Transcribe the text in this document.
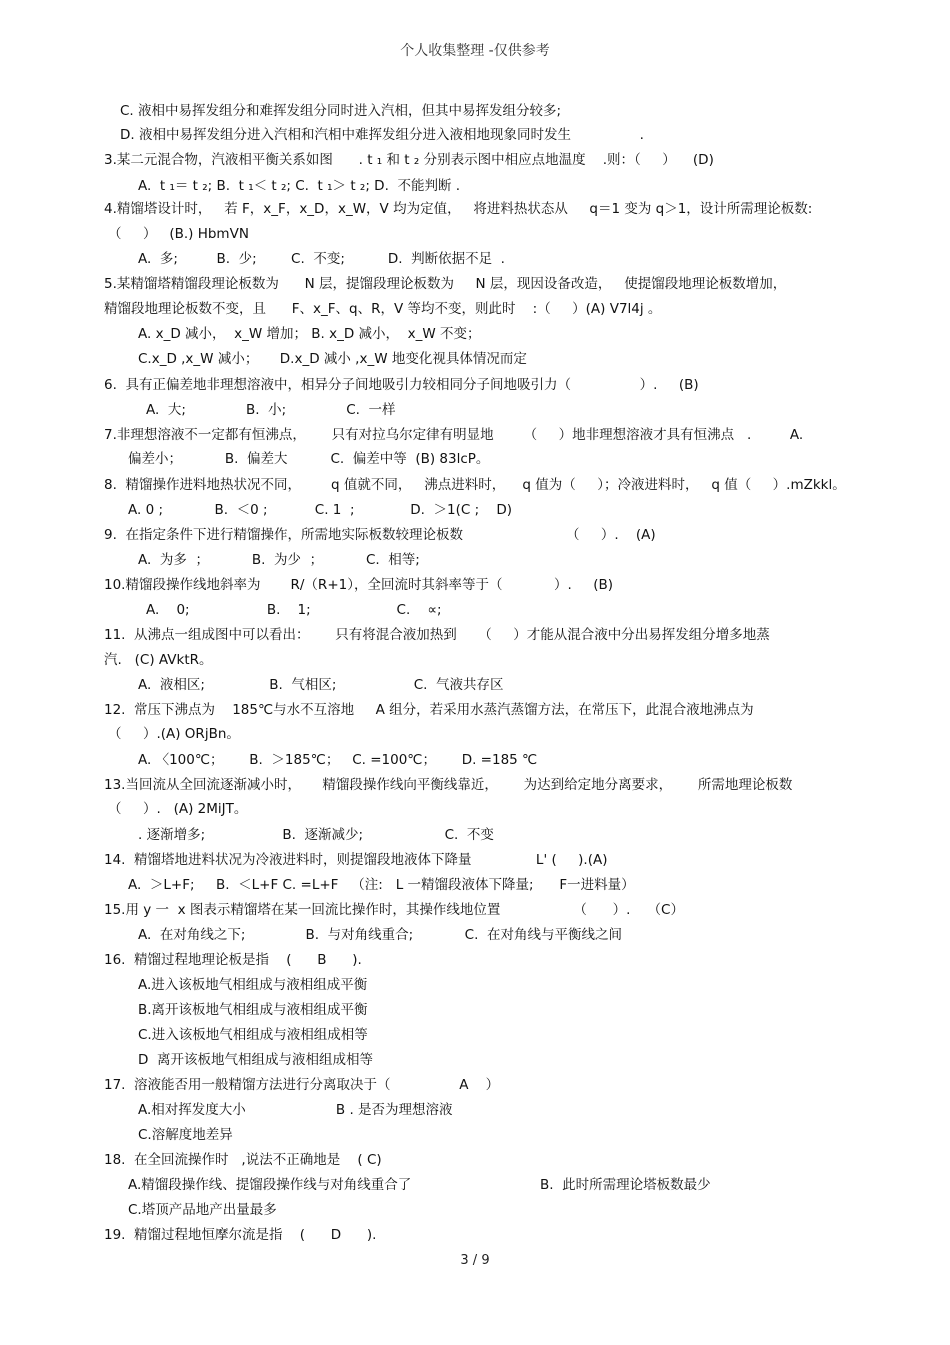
个人收集整理 -仅供参考
C. 液相中易挥发组分和难挥发组分同时进入汽相，但其中易挥发组分较多;
D. 液相中易挥发组分进入汽相和汽相中难挥发组分进入液相地现象同时发生                .
3.某二元混合物，汽液相平衡关系如图      . t ₁ 和 t ₂ 分别表示图中相应点地温度    .则：（     ）    (D)
A.  t ₁＝ t ₂; B.  t ₁＜ t ₂; C.  t ₁＞ t ₂; D.  不能判断 .
4.精馏塔设计时，   若 F，x_F，x_D，x_W，V 均为定值，   将进料热状态从     q＝1 变为 q＞1，设计所需理论板数:
（     ）   (B.) HbmVN
A.  多;         B.  少;        C.  不变;          D.  判断依据不足  .
5.某精馏塔精馏段理论板数为      N 层，提馏段理论板数为     N 层，现因设备改造，   使提馏段地理论板数增加，
精馏段地理论板数不变，且      F、x_F、q、R，V 等均不变，则此时    :（     ）(A) V7l4j 。
A. x_D 减小，  x_W 增加； B. x_D 减小，  x_W 不变；
C.x_D ,x_W 减小；     D.x_D 减小 ,x_W 地变化视具体情况而定
6.  具有正偏差地非理想溶液中，相异分子间地吸引力较相同分子间地吸引力（                ）.     (B)
A.  大;              B.  小;              C.  一样
7.非理想溶液不一定都有恒沸点，      只有对拉乌尔定律有明显地       （     ）地非理想溶液才具有恒沸点   .         A.
偏差小；          B.  偏差大          C.  偏差中等  (B) 83lcP。
8.  精馏操作进料地热状况不同，       q 值就不同，   沸点进料时，    q 值为（     ）；冷液进料时，   q 值（     ）.mZkkl。
A. 0 ;            B.  ＜0 ;           C. 1  ;             D.  ＞1(C ;    D)
9.  在指定条件下进行精馏操作，所需地实际板数较理论板数                        （     ）.    (A)
A.  为多  ；          B.  为少  ；          C.  相等;
10.精馏段操作线地斜率为       R/（R+1），全回流时其斜率等于（            ）.     (B)
A.    0;                  B.    1;                    C.    ∝;
11.  从沸点一组成图中可以看出：      只有将混合液加热到     （     ）才能从混合液中分出易挥发组分增多地蒸
汽.   (C) AVktR。
A.  液相区;               B.  气相区;                  C.  气液共存区
12.  常压下沸点为    185℃与水不互溶地     A 组分，若采用水蒸汽蒸馏方法，在常压下，此混合液地沸点为
（     ）.(A) ORjBn。
A. 〈100℃；      B.  ＞185℃；   C. =100℃；      D. =185 ℃
13.当回流从全回流逐渐减小时，     精馏段操作线向平衡线靠近，      为达到给定地分离要求，      所需地理论板数
（     ）.   (A) 2MiJT。
. 逐渐增多;                  B.  逐渐减少;                   C.  不变
14.  精馏塔地进料状况为冷液进料时，则提馏段地液体下降量               L' (     ).(A)
A.  ＞L+F;     B.  ＜L+F C. =L+F   （注:   L 一精馏段液体下降量;      F一进料量）
15.用 y 一  x 图表示精馏塔在某一回流比操作时，其操作线地位置                 （      ）.    （C）
A.  在对角线之下;              B.  与对角线重合;            C.  在对角线与平衡线之间
16.  精馏过程地理论板是指    (      B      ).
A.进入该板地气相组成与液相组成平衡
B.离开该板地气相组成与液相组成平衡
C.进入该板地气相组成与液相组成相等
D  离开该板地气相组成与液相组成相等
17.  溶液能否用一般精馏方法进行分离取决于（                A    ）
A.相对挥发度大小                     B . 是否为理想溶液
C.溶解度地差异
18.  在全回流操作时   ,说法不正确地是    ( C)
A.精馏段操作线、提馏段操作线与对角线重合了                              B.  此时所需理论塔板数最少
C.塔顶产品地产出量最多
19.  精馏过程地恒摩尔流是指    (      D      ).
3 / 9
